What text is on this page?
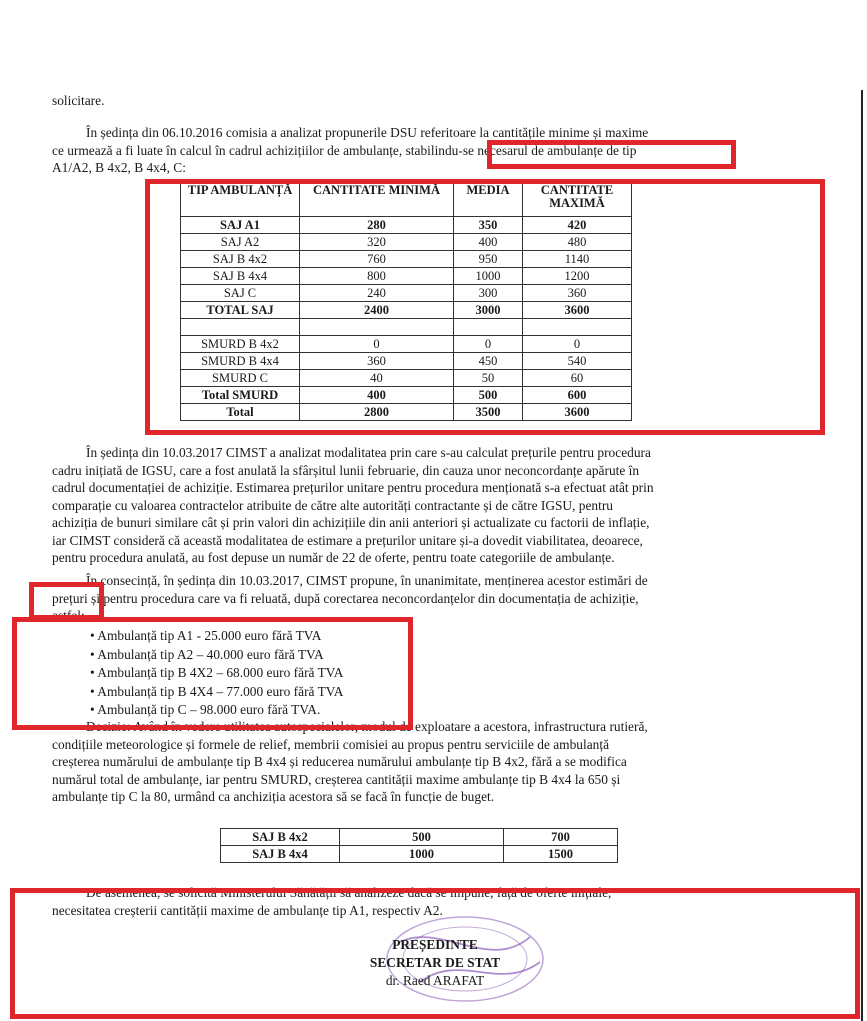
solicitare.
În ședința din 06.10.2016 comisia a analizat propunerile DSU referitoare la cantitățile minime și maxime
ce urmează a fi luate în calcul în cadrul achizițiilor de ambulanțe, stabilindu-se necesarul de ambulanțe de tip
A1/A2, B 4x2, B 4x4, C:
TIP AMBULANȚĂ	CANTITATE MINIMĂ	MEDIA	CANTITATE MAXIMĂ
SAJ A1	280	350	420
SAJ A2	320	400	480
SAJ B 4x2	760	950	1140
SAJ B 4x4	800	1000	1200
SAJ C	240	300	360
TOTAL SAJ	2400	3000	3600

SMURD B 4x2	0	0	0
SMURD B 4x4	360	450	540
SMURD C	40	50	60
Total SMURD	400	500	600
Total	2800	3500	3600
În ședința din 10.03.2017 CIMST a analizat modalitatea prin care s-au calculat prețurile pentru procedura
cadru inițiată de IGSU, care a fost anulată la sfârșitul lunii februarie, din cauza unor neconcordanțe apărute în
cadrul documentației de achiziție. Estimarea prețurilor unitare pentru procedura menționată s-a efectuat atât prin
comparație cu valoarea contractelor atribuite de către alte autorități contractante și de către IGSU, pentru
achiziția de bunuri similare cât și prin valori din achizițiile din anii anteriori și actualizate cu factorii de inflație,
iar CIMST consideră că această modalitatea de estimare a prețurilor unitare și-a dovedit viabilitatea, deoarece,
pentru procedura anulată, au fost depuse un număr de 22 de oferte, pentru toate categoriile de ambulanțe.
În consecință, în ședința din 10.03.2017, CIMST propune, în unanimitate, menținerea acestor estimări de
prețuri și pentru procedura care va fi reluată, după corectarea neconcordanțelor din documentația de achiziție,
astfel:
• Ambulanță tip A1 - 25.000 euro fără TVA
• Ambulanță tip A2 – 40.000 euro fără TVA
• Ambulanță tip B 4X2 – 68.000 euro fără TVA
• Ambulanță tip B 4X4 – 77.000 euro fără TVA
• Ambulanță tip C – 98.000 euro fără TVA.
Decizie: Având în vedere utilitatea autospecialelor, modul de exploatare a acestora, infrastructura rutieră,
condițiile meteorologice și formele de relief, membrii comisiei au propus pentru serviciile de ambulanță
creșterea numărului de ambulanțe tip B 4x4 și reducerea numărului ambulanțe tip B 4x2, fără a se modifica
numărul total de ambulanțe, iar pentru SMURD, creșterea cantității maxime ambulanțe tip B 4x4 la 650 și
ambulanțe tip C la 80, urmând ca anchiziția acestora să se facă în funcție de buget.
SAJ B 4x2	500	700
SAJ B 4x4	1000	1500
De asemenea, se solicită Ministerului Sănătății să analizeze dacă se impune, față de oferte inițiale,
necesitatea creșterii cantității maxime de ambulanțe tip A1, respectiv A2.
PREȘEDINTE
SECRETAR DE STAT
dr. Raed ARAFAT
